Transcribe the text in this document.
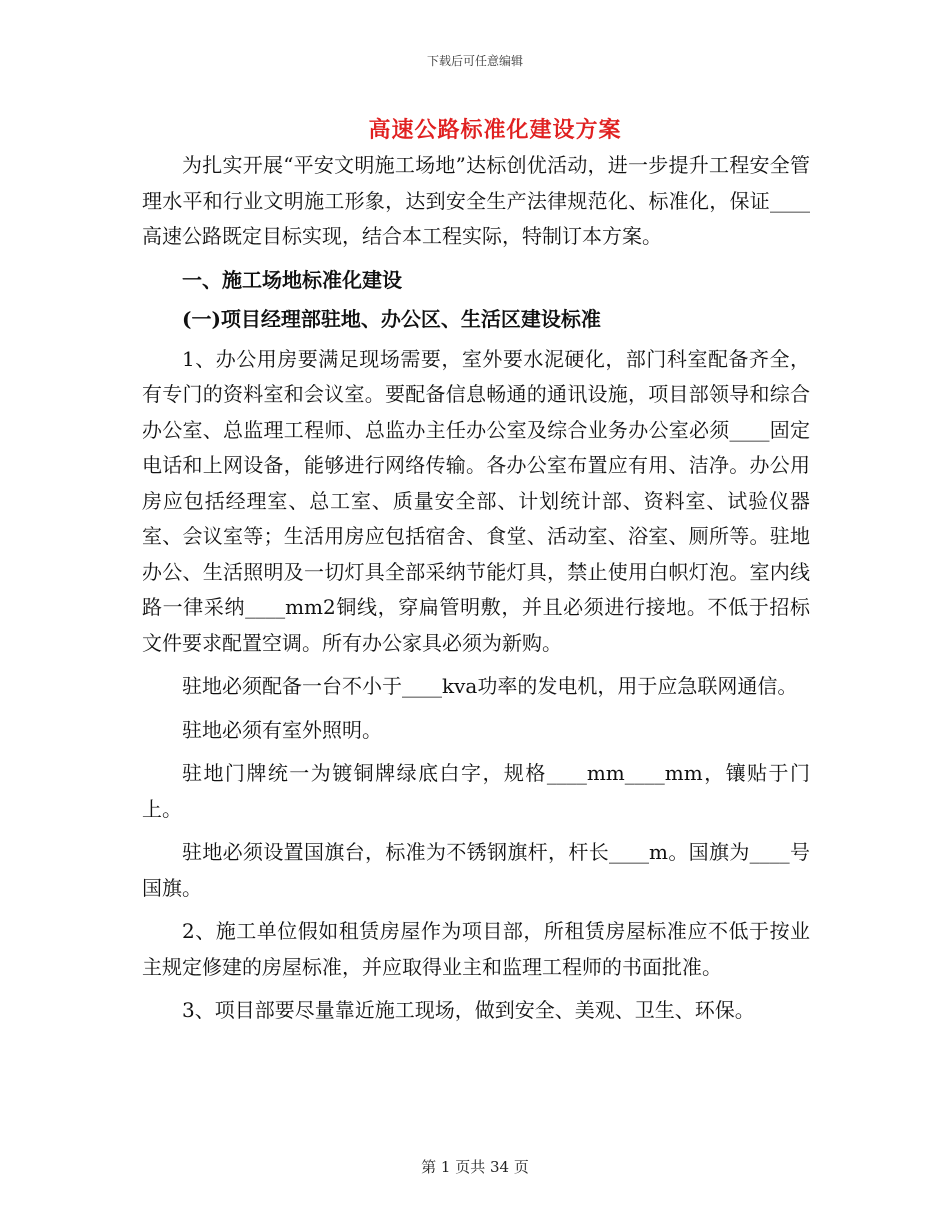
下载后可任意编辑
高速公路标准化建设方案

为扎实开展“平安文明施工场地”达标创优活动，进一步提升工程安全管理水平和行业文明施工形象，达到安全生产法律规范化、标准化，保证____高速公路既定目标实现，结合本工程实际，特制订本方案。

一、施工场地标准化建设

(一)项目经理部驻地、办公区、生活区建设标准

1、办公用房要满足现场需要，室外要水泥硬化，部门科室配备齐全，有专门的资料室和会议室。要配备信息畅通的通讯设施，项目部领导和综合办公室、总监理工程师、总监办主任办公室及综合业务办公室必须____固定电话和上网设备，能够进行网络传输。各办公室布置应有用、洁净。办公用房应包括经理室、总工室、质量安全部、计划统计部、资料室、试验仪器室、会议室等；生活用房应包括宿舍、食堂、活动室、浴室、厕所等。驻地办公、生活照明及一切灯具全部采纳节能灯具，禁止使用白帜灯泡。室内线路一律采纳____mm2铜线，穿扁管明敷，并且必须进行接地。不低于招标文件要求配置空调。所有办公家具必须为新购。

驻地必须配备一台不小于____kva功率的发电机，用于应急联网通信。

驻地必须有室外照明。

驻地门牌统一为镀铜牌绿底白字，规格____mm____mm，镶贴于门上。

驻地必须设置国旗台，标准为不锈钢旗杆，杆长____m。国旗为____号国旗。

2、施工单位假如租赁房屋作为项目部，所租赁房屋标准应不低于按业主规定修建的房屋标准，并应取得业主和监理工程师的书面批准。

3、项目部要尽量靠近施工现场，做到安全、美观、卫生、环保。

第 1 页共 34 页
